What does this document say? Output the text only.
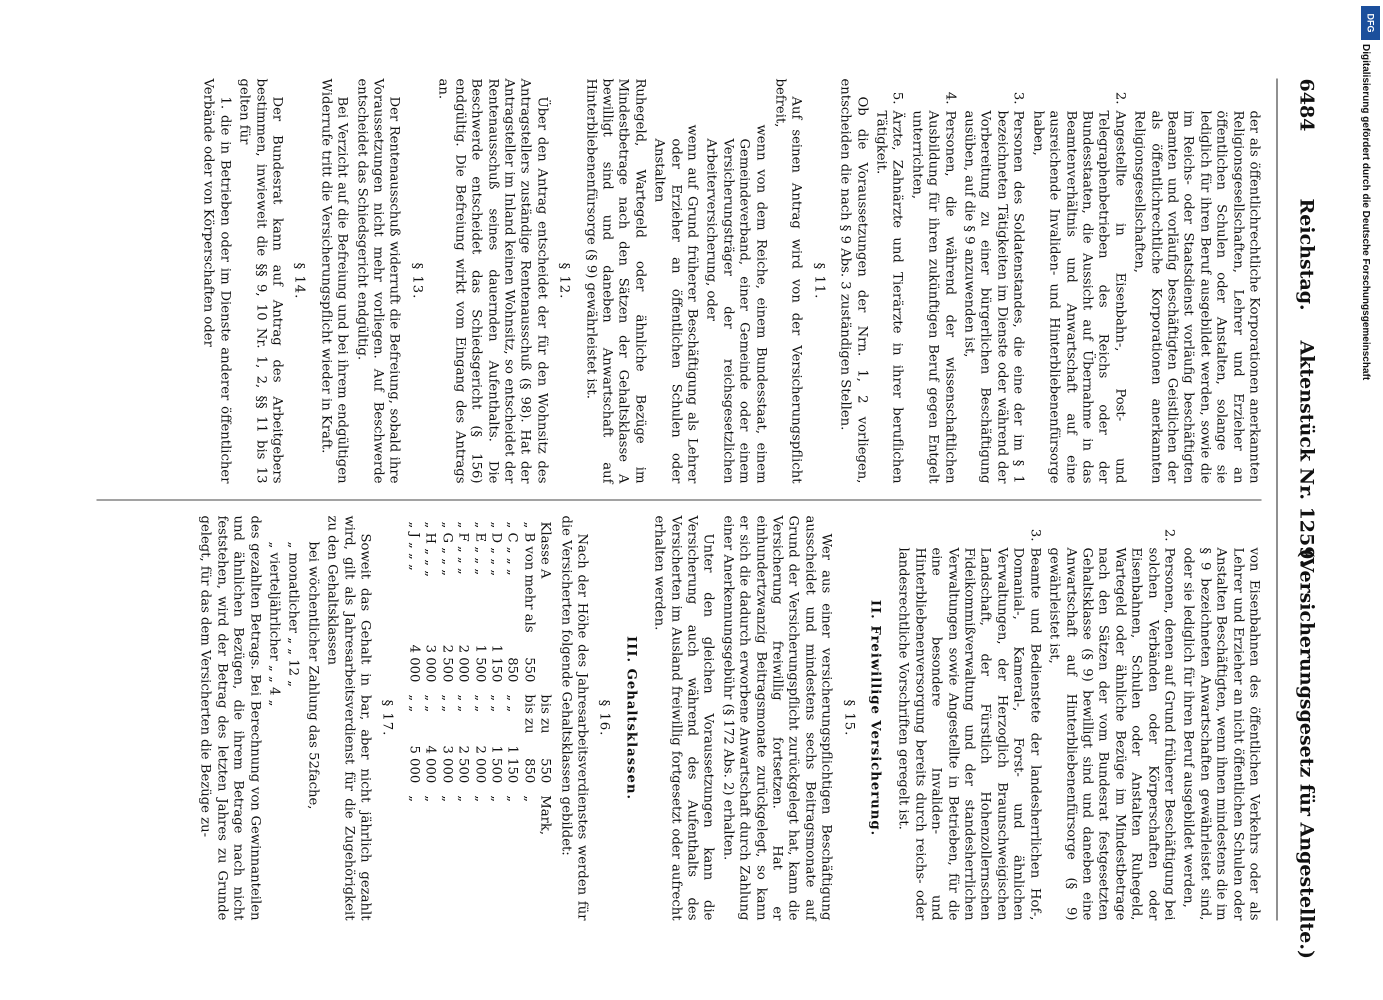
6484
Reichstag.
Aktenstück Nr. 1259.
(Versicherungsgesetz für Angestellte.)

der als öffentlichrechtliche Korporationen anerkannten Religionsgesellschaften, Lehrer und Erzieher an öffentlichen Schulen oder Anstalten, solange sie lediglich für ihren Beruf ausgebildet werden, sowie die im Reichs- oder Staatsdienst vorläufig beschäftigten Beamten und vorläufig beschäftigten Geistlichen der als öffentlichrechtliche Korporationen anerkannten Religionsgesellschaften,

2.
Angestellte in Eisenbahn-, Post- und Telegraphenbetrieben des Reichs oder der Bundesstaaten, die Aussicht auf Übernahme in das Beamtenverhältnis und Anwartschaft auf eine ausreichende Invaliden- und Hinterbliebenenfürsorge haben,
3.
Personen des Soldatenstandes, die eine der im § 1 bezeichneten Tätigkeiten im Dienste oder während der Vorbereitung zu einer bürgerlichen Beschäftigung ausüben, auf die § 9 anzuwenden ist,
4.
Personen, die während der wissenschaftlichen Ausbildung für ihren zukünftigen Beruf gegen Entgelt unterrichten,
5.
Ärzte, Zahnärzte und Tierärzte in ihrer beruflichen Tätigkeit.

Ob die Voraussetzungen der Nrn. 1, 2 vorliegen, entscheiden die nach § 9 Abs. 3 zuständigen Stellen.

§ 11.

Auf seinen Antrag wird von der Versicherungspflicht befreit,

wenn von dem Reiche, einem Bundesstaat, einem Gemeindeverband, einer Gemeinde oder einem Versicherungsträger der reichsgesetzlichen Arbeiterversicherung, oder

wenn auf Grund früherer Beschäftigung als Lehrer oder Erzieher an öffentlichen Schulen oder Anstalten

Ruhegeld, Wartegeld oder ähnliche Bezüge im Mindestbetrage nach den Sätzen der Gehaltsklasse A bewilligt sind und daneben Anwartschaft auf Hinterbliebenenfürsorge (§ 9) gewährleistet ist.

§ 12.

Über den Antrag entscheidet der für den Wohnsitz des Antragstellers zuständige Rentenausschuß (§ 98). Hat der Antragsteller im Inland keinen Wohnsitz, so entscheidet der Rentenausschuß seines dauernden Aufenthalts. Die Beschwerde entscheidet das Schiedsgericht (§ 156) endgültig. Die Befreiung wirkt vom Eingang des Antrags an.

§ 13.

Der Rentenausschuß widerruft die Befreiung, sobald ihre Voraussetzungen nicht mehr vorliegen. Auf Beschwerde entscheidet das Schiedsgericht endgültig.

Bei Verzicht auf die Befreiung und bei ihrem endgültigen Widerrufe tritt die Versicherungspflicht wieder in Kraft.

§ 14.

Der Bundesrat kann auf Antrag des Arbeitgebers bestimmen, inwieweit die §§ 9, 10 Nr. 1, 2, §§ 11 bis 13 gelten für

1. die in Betrieben oder im Dienste anderer öffentlicher Verbände oder von Körperschaften oder

von Eisenbahnen des öffentlichen Verkehrs oder als Lehrer und Erzieher an nicht öffentlichen Schulen oder Anstalten Beschäftigten, wenn ihnen mindestens die im § 9 bezeichneten Anwartschaften gewährleistet sind, oder sie lediglich für ihren Beruf ausgebildet werden,

2.
Personen, denen auf Grund früherer Beschäftigung bei solchen Verbänden oder Körperschaften oder Eisenbahnen, Schulen oder Anstalten Ruhegeld, Wartegeld oder ähnliche Bezüge im Mindestbetrage nach den Sätzen der vom Bundesrat festgesetzten Gehaltsklasse (§ 9) bewilligt sind und daneben eine Anwartschaft auf Hinterbliebenenfürsorge (§ 9) gewährleistet ist,
3.
Beamte und Bedienstete der landesherrlichen Hof-, Domanial-, Kameral-, Forst- und ähnlichen Verwaltungen, der Herzoglich Braunschweigischen Landschaft, der Fürstlich Hohenzollernschen Fideikommißverwaltung und der standesherrlichen Verwaltungen sowie Angestellte in Betrieben, für die eine besondere Invaliden- und Hinterbliebenenversorgung bereits durch reichs- oder landesrechtliche Vorschriften geregelt ist.
II. Freiwillige Versicherung.
§ 15.

Wer aus einer versicherungspflichtigen Beschäftigung ausscheidet und mindestens sechs Beitragsmonate auf Grund der Versicherungspflicht zurückgelegt hat, kann die Versicherung freiwillig fortsetzen. Hat er einhundertzwanzig Beitragsmonate zurückgelegt, so kann er sich die dadurch erworbene Anwartschaft durch Zahlung einer Anerkennungsgebühr (§ 172 Abs. 2) erhalten.

Unter den gleichen Voraussetzungen kann die Versicherung auch während des Aufenthalts des Versicherten im Ausland freiwillig fortgesetzt oder aufrecht erhalten werden.

III. Gehaltsklassen.
§ 16.

Nach der Höhe des Jahresarbeitsverdienstes werden für die Versicherten folgende Gehaltsklassen gebildet:

Klasse A		bis zu	550	Mark,
„ B von mehr als	550	bis zu	850	„
„ C „ „ „	850	„ „	1 150	„
„ D „ „ „	1 150	„ „	1 500	„
„ E „ „ „	1 500	„ „	2 000	„
„ F „ „ „	2 000	„ „	2 500	„
„ G „ „ „	2 500	„ „	3 000	„
„ H „ „ „	3 000	„ „	4 000	„
„ J „ „ „	4 000	„ „	5 000	„
§ 17.

Soweit das Gehalt in bar, aber nicht jährlich gezahlt wird, gilt als Jahresarbeitsverdienst für die Zugehörigkeit zu den Gehaltsklassen

bei wöchentlicher Zahlung das 52fache,

„ monatlicher „ „ 12 „

„ vierteljährlicher „ „ 4 „

des gezahlten Betrags. Bei Berechnung von Gewinnanteilen und ähnlichen Bezügen, die ihrem Betrage nach nicht feststehen, wird der Betrag des letzten Jahres zu Grunde gelegt, für das dem Versicherten die Bezüge zu-

DFG
Digitalisierung gefördert durch die Deutsche Forschungsgemeinschaft
